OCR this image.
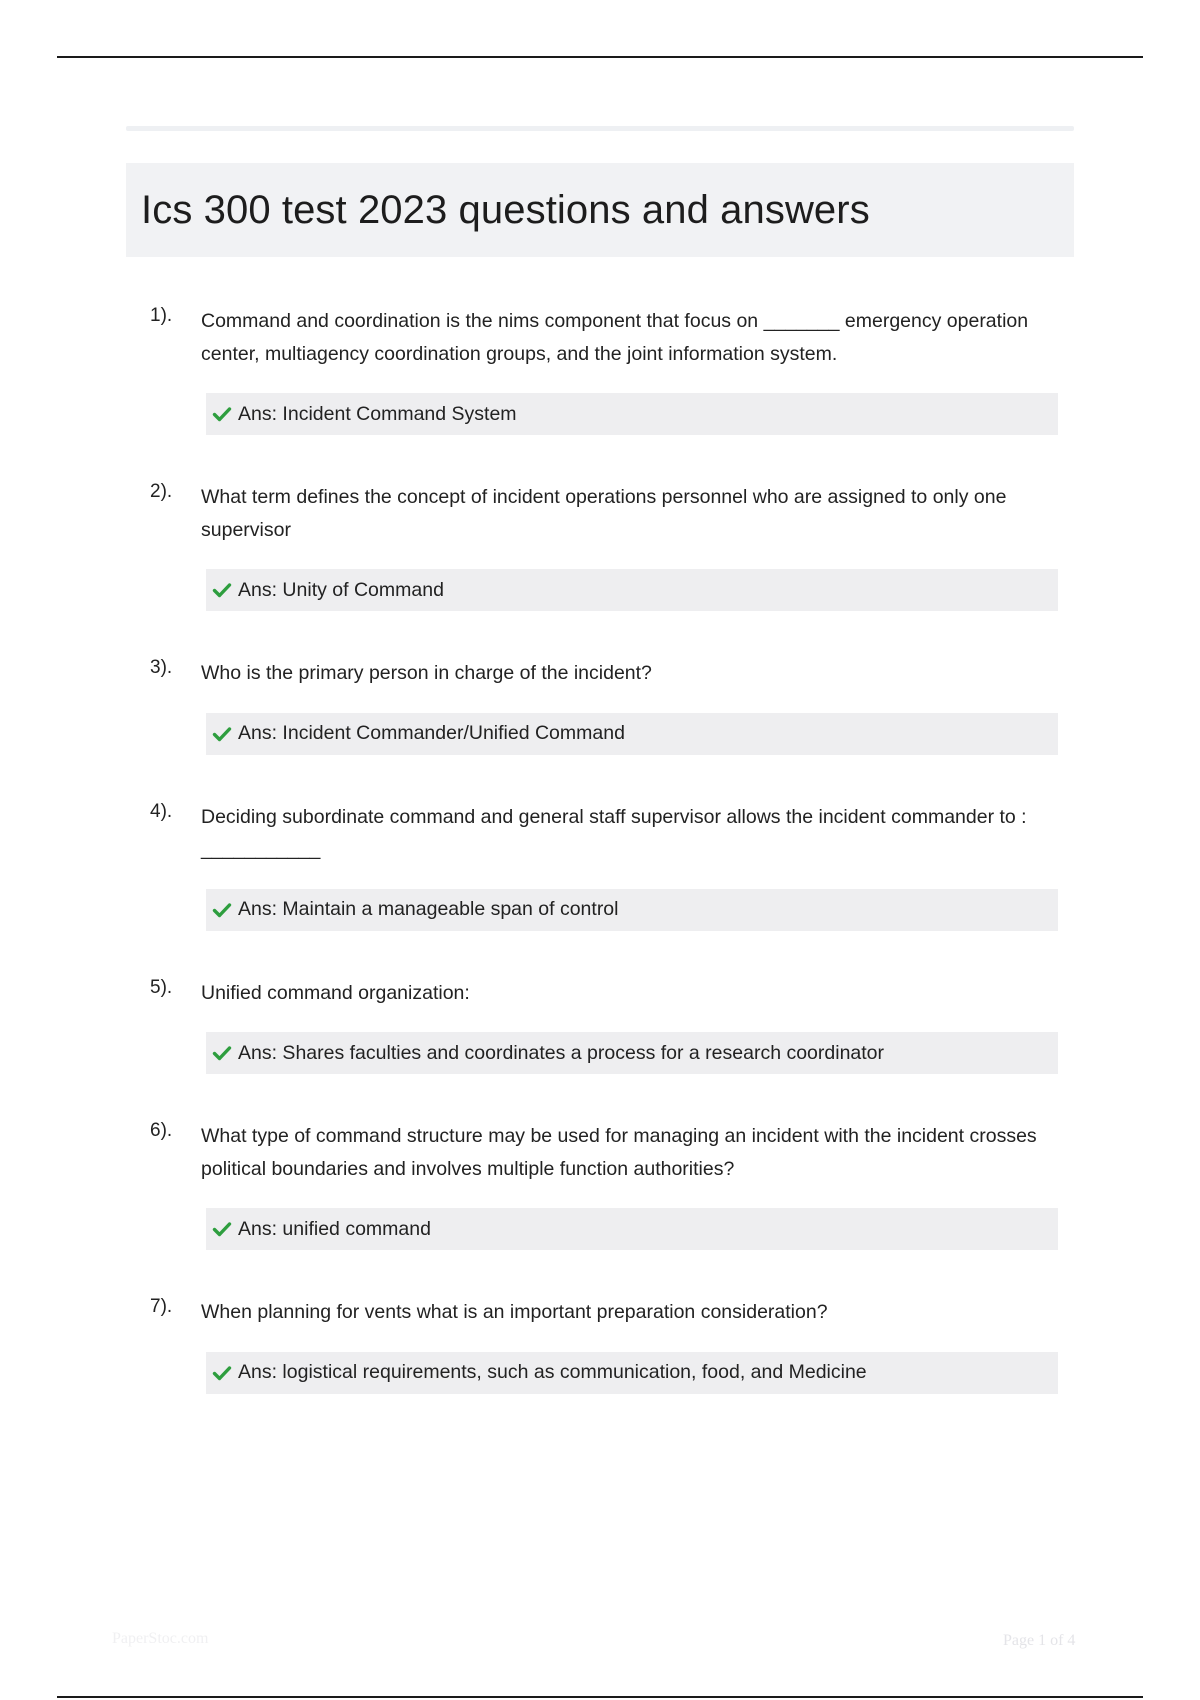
Ics 300 test 2023 questions and answers
1). Command and coordination is the nims component that focus on _______ emergency operation center, multiagency coordination groups, and the joint information system.
Ans: Incident Command System
2). What term defines the concept of incident operations personnel who are assigned to only one supervisor
Ans: Unity of Command
3). Who is the primary person in charge of the incident?
Ans: Incident Commander/Unified Command
4). Deciding subordinate command and general staff supervisor allows the incident commander to : ___________
Ans: Maintain a manageable span of control
5). Unified command organization:
Ans: Shares faculties and coordinates a process for a research coordinator
6). What type of command structure may be used for managing an incident with the incident crosses political boundaries and involves multiple function authorities?
Ans: unified command
7). When planning for vents what is an important preparation consideration?
Ans: logistical requirements, such as communication, food, and Medicine
PaperStoc.com	Page 1 of 4
